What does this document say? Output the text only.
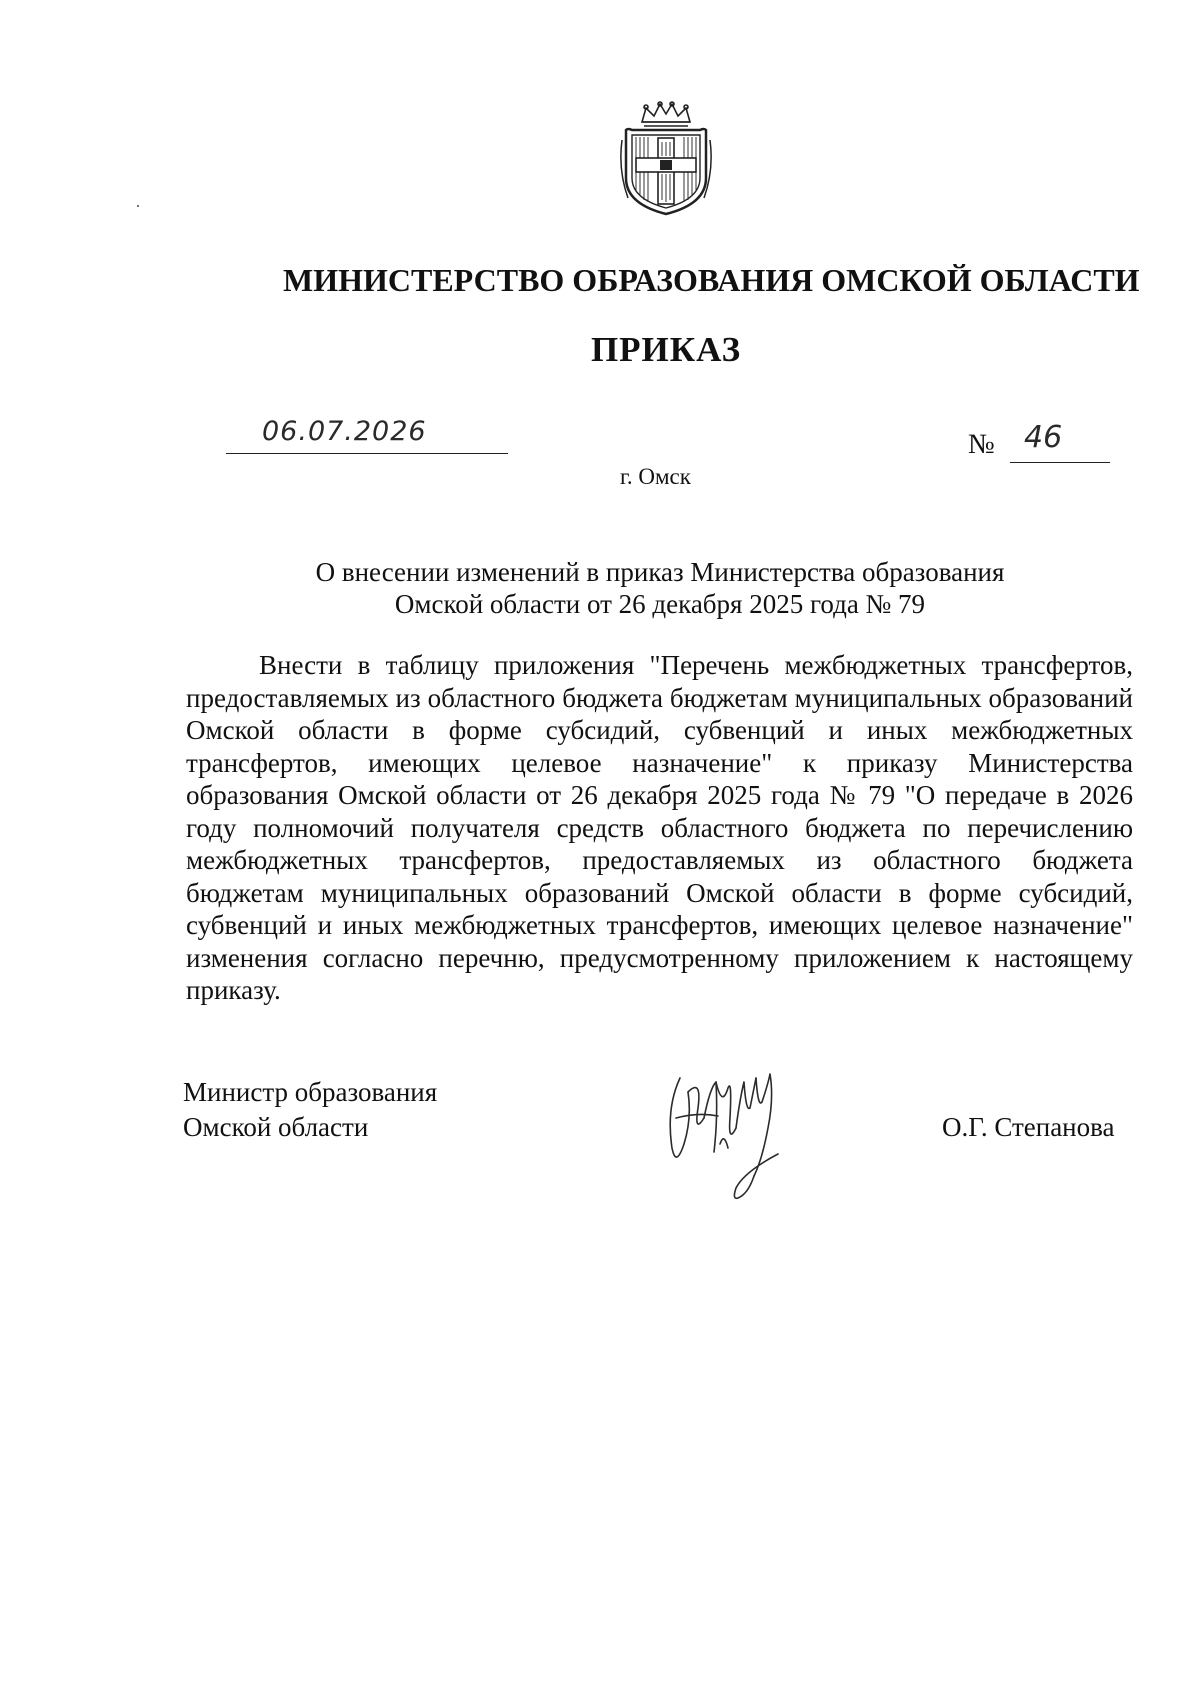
МИНИСТЕРСТВО ОБРАЗОВАНИЯ ОМСКОЙ ОБЛАСТИ
ПРИКАЗ
06.07.2026	№ 46
г. Омск
О внесении изменений в приказ Министерства образования
Омской области от 26 декабря 2025 года № 79
Внести в таблицу приложения "Перечень межбюджетных трансфертов, предоставляемых из областного бюджета бюджетам муниципальных образований Омской области в форме субсидий, субвенций и иных межбюджетных трансфертов, имеющих целевое назначение" к приказу Министерства образования Омской области от 26 декабря 2025 года № 79 "О передаче в 2026 году полномочий получателя средств областного бюджета по перечислению межбюджетных трансфертов, предоставляемых из областного бюджета бюджетам муниципальных образований Омской области в форме субсидий, субвенций и иных межбюджетных трансфертов, имеющих целевое назначение" изменения согласно перечню, предусмотренному приложением к настоящему приказу.
Министр образования
Омской области	О.Г. Степанова
